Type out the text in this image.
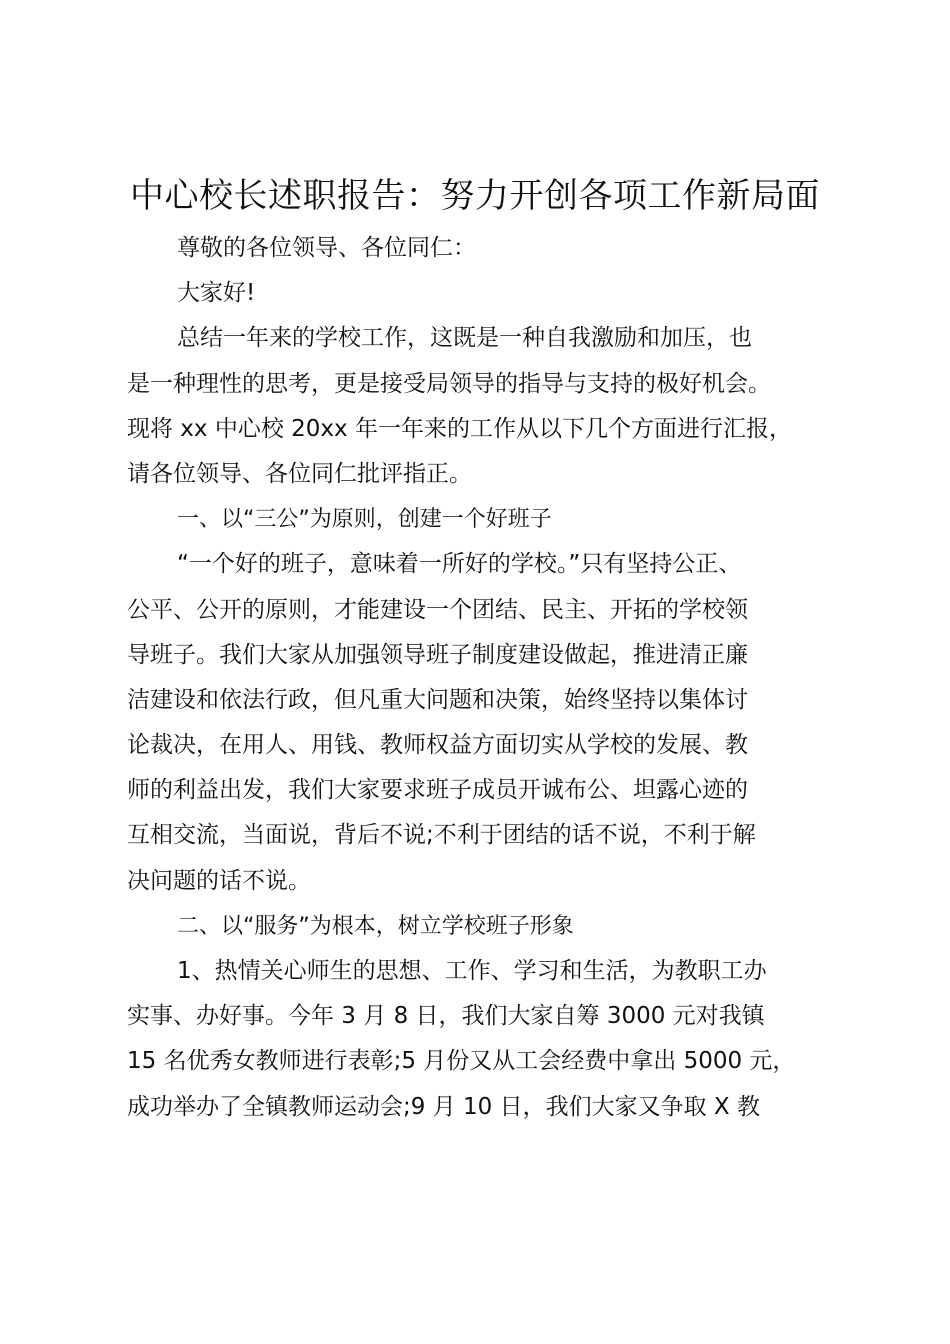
中心校长述职报告：努力开创各项工作新局面
尊敬的各位领导、各位同仁：
大家好!
总结一年来的学校工作，这既是一种自我激励和加压，也
是一种理性的思考，更是接受局领导的指导与支持的极好机会。
现将 xx 中心校 20xx 年一年来的工作从以下几个方面进行汇报，
请各位领导、各位同仁批评指正。
一、以“三公”为原则，创建一个好班子
“一个好的班子，意味着一所好的学校。”只有坚持公正、
公平、公开的原则，才能建设一个团结、民主、开拓的学校领
导班子。我们大家从加强领导班子制度建设做起，推进清正廉
洁建设和依法行政，但凡重大问题和决策，始终坚持以集体讨
论裁决，在用人、用钱、教师权益方面切实从学校的发展、教
师的利益出发，我们大家要求班子成员开诚布公、坦露心迹的
互相交流，当面说，背后不说;不利于团结的话不说，不利于解
决问题的话不说。
二、以“服务”为根本，树立学校班子形象
1、热情关心师生的思想、工作、学习和生活，为教职工办
实事、办好事。今年 3 月 8 日，我们大家自筹 3000 元对我镇
15 名优秀女教师进行表彰;5 月份又从工会经费中拿出 5000 元，
成功举办了全镇教师运动会;9 月 10 日，我们大家又争取 X 教
